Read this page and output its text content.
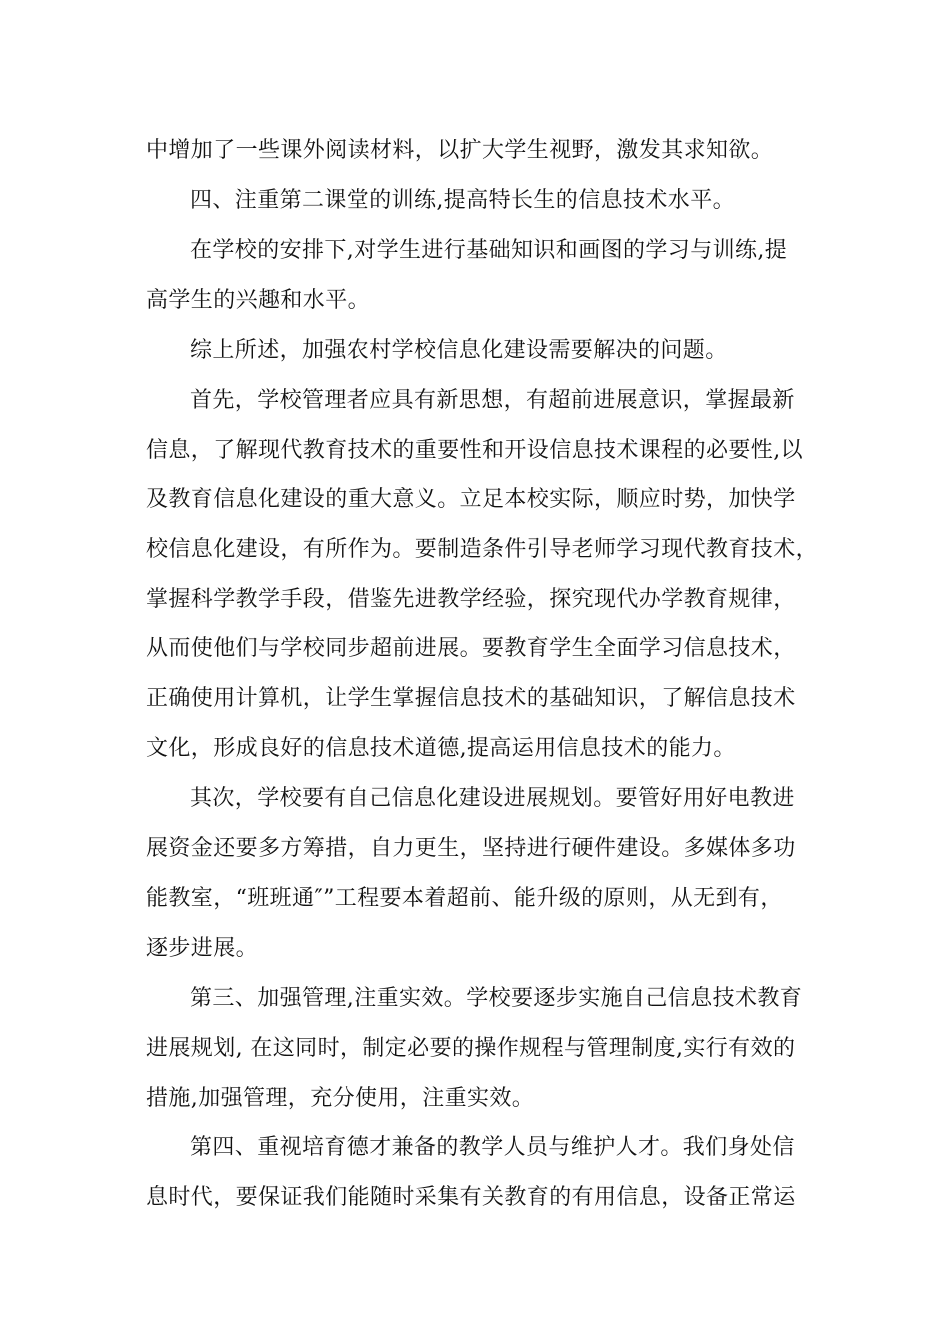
中增加了一些课外阅读材料，以扩大学生视野，激发其求知欲。
四、注重第二课堂的训练,提高特长生的信息技术水平。
在学校的安排下,对学生进行基础知识和画图的学习与训练,提
高学生的兴趣和水平。
综上所述，加强农村学校信息化建设需要解决的问题。
首先，学校管理者应具有新思想，有超前进展意识，掌握最新
信息，了解现代教育技术的重要性和开设信息技术课程的必要性,以
及教育信息化建设的重大意义。立足本校实际，顺应时势，加快学
校信息化建设，有所作为。要制造条件引导老师学习现代教育技术，
掌握科学教学手段，借鉴先进教学经验，探究现代办学教育规律，
从而使他们与学校同步超前进展。要教育学生全面学习信息技术，
正确使用计算机，让学生掌握信息技术的基础知识，了解信息技术
文化，形成良好的信息技术道德,提高运用信息技术的能力。
其次，学校要有自己信息化建设进展规划。要管好用好电教进
展资金还要多方筹措，自力更生，坚持进行硬件建设。多媒体多功
能教室，“班班通″”工程要本着超前、能升级的原则，从无到有，
逐步进展。
第三、加强管理,注重实效。学校要逐步实施自己信息技术教育
进展规划, 在这同时，制定必要的操作规程与管理制度,实行有效的
措施,加强管理，充分使用，注重实效。
第四、重视培育德才兼备的教学人员与维护人才。我们身处信
息时代，要保证我们能随时采集有关教育的有用信息，设备正常运
